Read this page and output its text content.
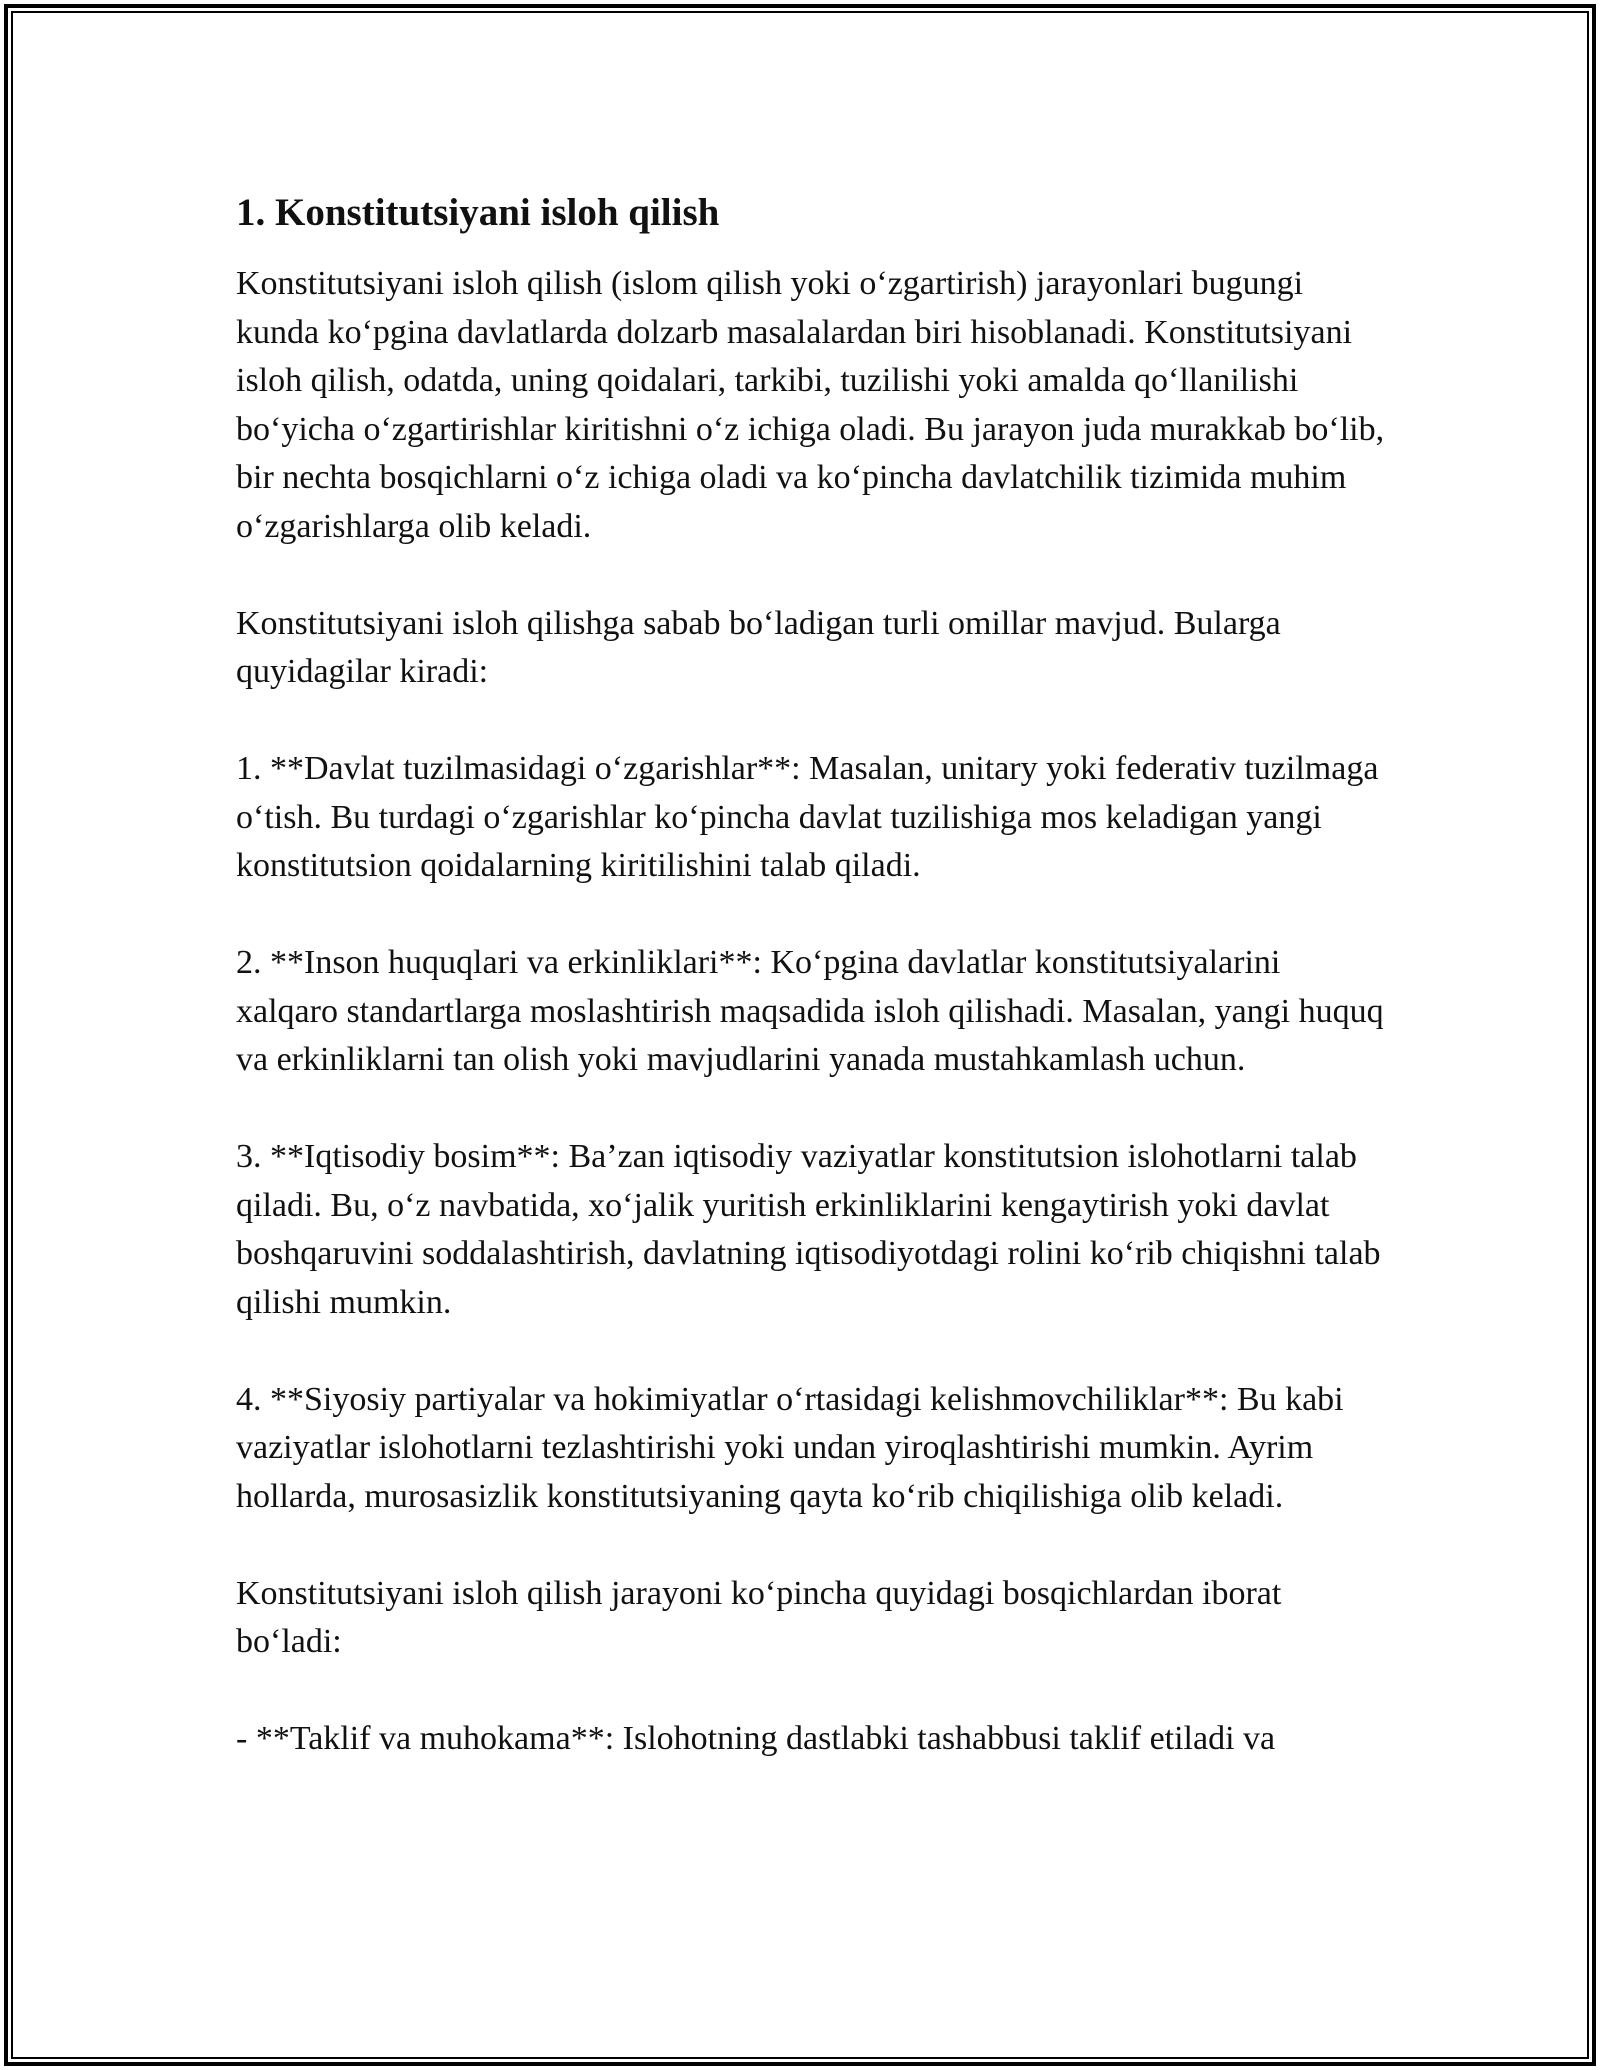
1. Konstitutsiyani isloh qilish

Konstitutsiyani isloh qilish (islom qilish yoki o‘zgartirish) jarayonlari bugungi kunda ko‘pgina davlatlarda dolzarb masalalardan biri hisoblanadi. Konstitutsiyani isloh qilish, odatda, uning qoidalari, tarkibi, tuzilishi yoki amalda qo‘llanilishi bo‘yicha o‘zgartirishlar kiritishni o‘z ichiga oladi. Bu jarayon juda murakkab bo‘lib, bir nechta bosqichlarni o‘z ichiga oladi va ko‘pincha davlatchilik tizimida muhim o‘zgarishlarga olib keladi.

Konstitutsiyani isloh qilishga sabab bo‘ladigan turli omillar mavjud. Bularga quyidagilar kiradi:

1. **Davlat tuzilmasidagi o‘zgarishlar**: Masalan, unitary yoki federativ tuzilmaga o‘tish. Bu turdagi o‘zgarishlar ko‘pincha davlat tuzilishiga mos keladigan yangi konstitutsion qoidalarning kiritilishini talab qiladi.

2. **Inson huquqlari va erkinliklari**: Ko‘pgina davlatlar konstitutsiyalarini xalqaro standartlarga moslashtirish maqsadida isloh qilishadi. Masalan, yangi huquq va erkinliklarni tan olish yoki mavjudlarini yanada mustahkamlash uchun.

3. **Iqtisodiy bosim**: Ba’zan iqtisodiy vaziyatlar konstitutsion islohotlarni talab qiladi. Bu, o‘z navbatida, xo‘jalik yuritish erkinliklarini kengaytirish yoki davlat boshqaruvini soddalashtirish, davlatning iqtisodiyotdagi rolini ko‘rib chiqishni talab qilishi mumkin.

4. **Siyosiy partiyalar va hokimiyatlar o‘rtasidagi kelishmovchiliklar**: Bu kabi vaziyatlar islohotlarni tezlashtirishi yoki undan yiroqlashtirishi mumkin. Ayrim hollarda, murosasizlik konstitutsiyaning qayta ko‘rib chiqilishiga olib keladi.

Konstitutsiyani isloh qilish jarayoni ko‘pincha quyidagi bosqichlardan iborat bo‘ladi:

- **Taklif va muhokama**: Islohotning dastlabki tashabbusi taklif etiladi va
